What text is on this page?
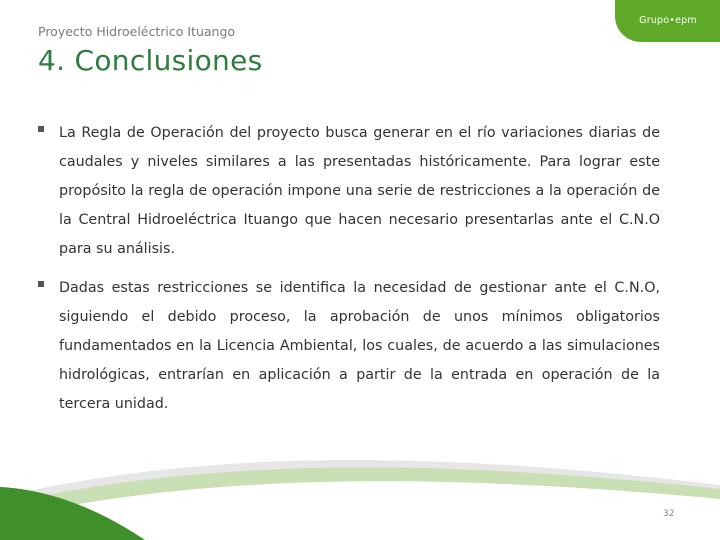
Grupo•epm
Proyecto Hidroeléctrico Ituango
4. Conclusiones
La Regla de Operación del proyecto busca generar en el río variaciones diarias de caudales y niveles similares a las presentadas históricamente. Para lograr este propósito la regla de operación impone una serie de restricciones a la operación de la Central Hidroeléctrica Ituango que hacen necesario presentarlas ante el C.N.O para su análisis.
Dadas estas restricciones se identifica la necesidad de gestionar ante el C.N.O, siguiendo el debido proceso, la aprobación de unos mínimos obligatorios fundamentados en la Licencia Ambiental, los cuales, de acuerdo a las simulaciones hidrológicas, entrarían en aplicación a partir de la entrada en operación de la tercera unidad.
32
